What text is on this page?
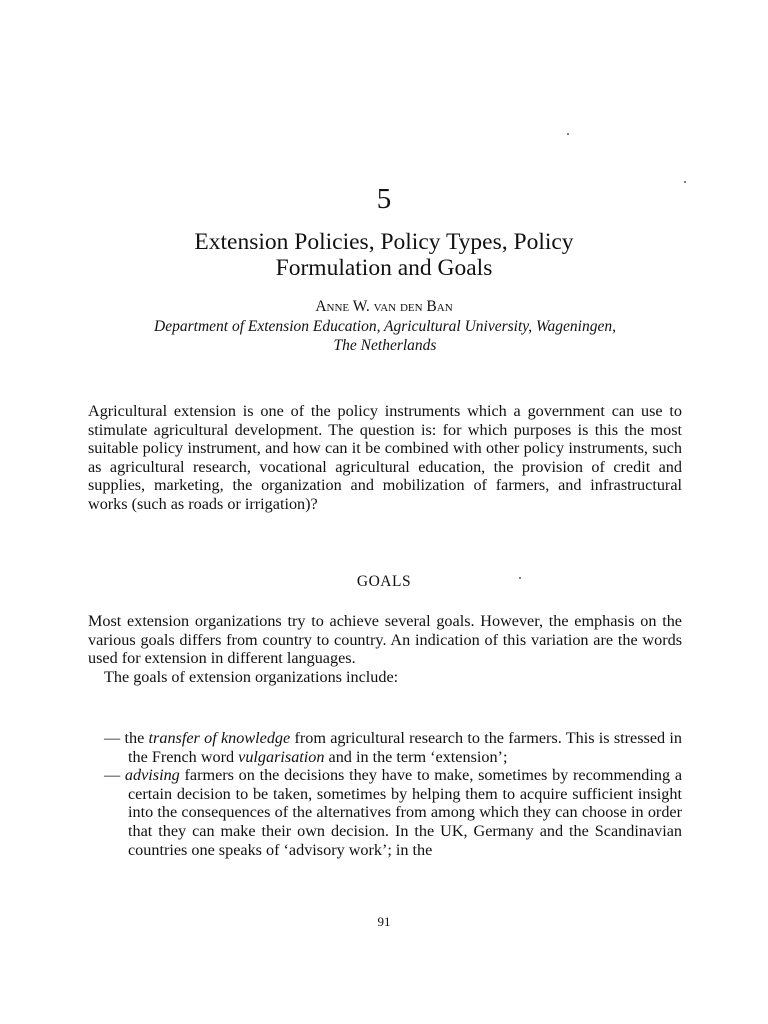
5
Extension Policies, Policy Types, Policy
Formulation and Goals
Anne W. van den Ban
Department of Extension Education, Agricultural University, Wageningen,
The Netherlands

Agricultural extension is one of the policy instruments which a government can use to stimulate agricultural development. The question is: for which purposes is this the most suitable policy instrument, and how can it be combined with other policy instruments, such as agricultural research, vocational agricultural education, the provision of credit and supplies, marketing, the organization and mobilization of farmers, and infrastructural works (such as roads or irrigation)?

GOALS

Most extension organizations try to achieve several goals. However, the emphasis on the various goals differs from country to country. An indication of this variation are the words used for extension in different languages.

The goals of extension organizations include:

— the transfer of knowledge from agricultural research to the farmers. This is stressed in the French word vulgarisation and in the term ‘extension’;

— advising farmers on the decisions they have to make, sometimes by recommending a certain decision to be taken, sometimes by helping them to acquire sufficient insight into the consequences of the alternatives from among which they can choose in order that they can make their own decision. In the UK, Germany and the Scandinavian countries one speaks of ‘advisory work’; in the

91
